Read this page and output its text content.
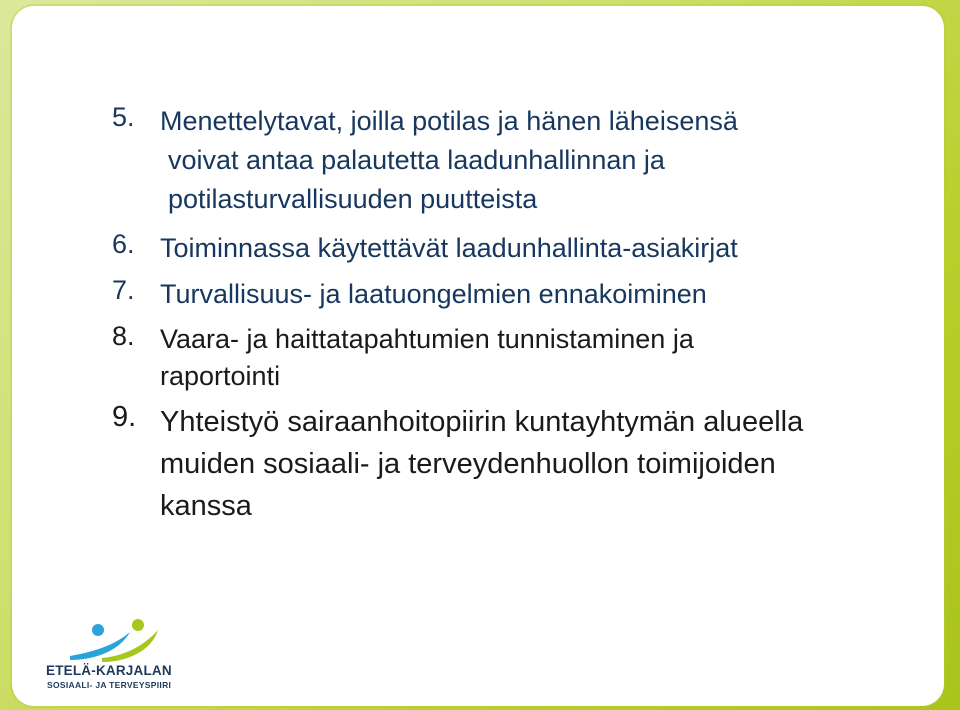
5. Menettelytavat, joilla potilas ja hänen läheisensä
voivat antaa palautetta laadunhallinnan ja
potilasturvallisuuden puutteista
6. Toiminnassa käytettävät laadunhallinta-asiakirjat
7. Turvallisuus- ja laatuongelmien ennakoiminen
8. Vaara- ja haittatapahtumien tunnistaminen ja
raportointi
9. Yhteistyö sairaanhoitopiirin kuntayhtymän alueella
muiden sosiaali- ja terveydenhuollon toimijoiden
kanssa
ETELÄ-KARJALAN
SOSIAALI- JA TERVEYSPIIRI
